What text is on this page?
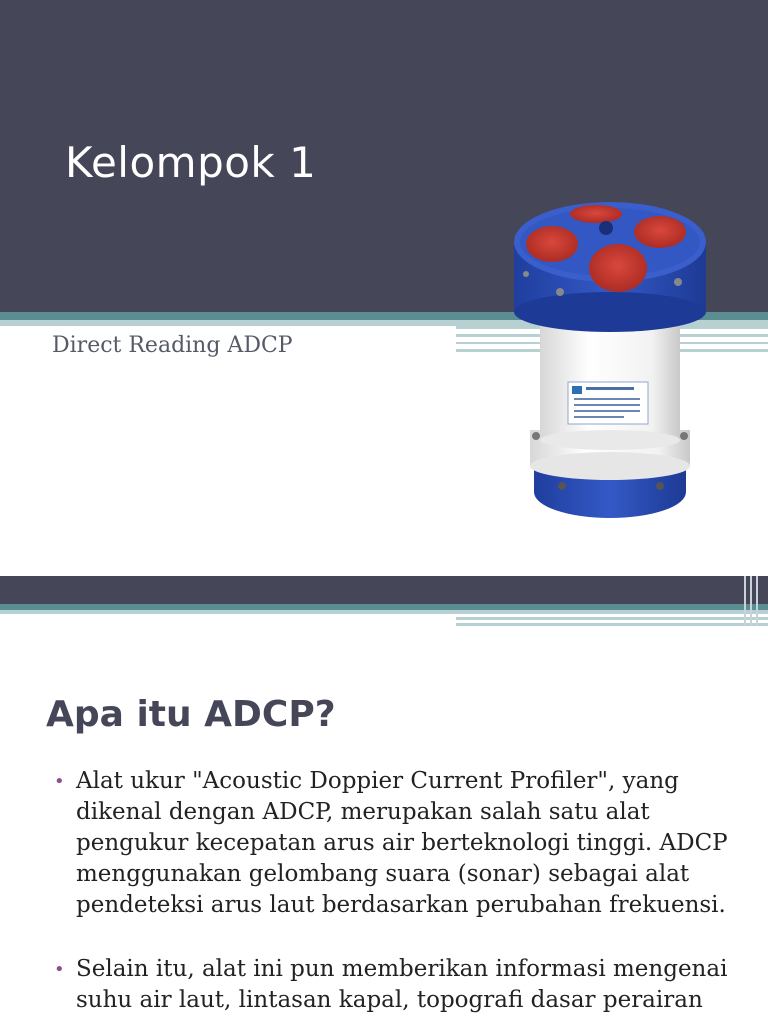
Kelompok 1
Direct Reading ADCP
Apa itu ADCP?
• Alat ukur "Acoustic Doppier Current Profiler", yang dikenal dengan ADCP, merupakan salah satu alat pengukur kecepatan arus air berteknologi tinggi. ADCP menggunakan gelombang suara (sonar) sebagai alat pendeteksi arus laut berdasarkan perubahan frekuensi.
• Selain itu, alat ini pun memberikan informasi mengenai suhu air laut, lintasan kapal, topografi dasar perairan
